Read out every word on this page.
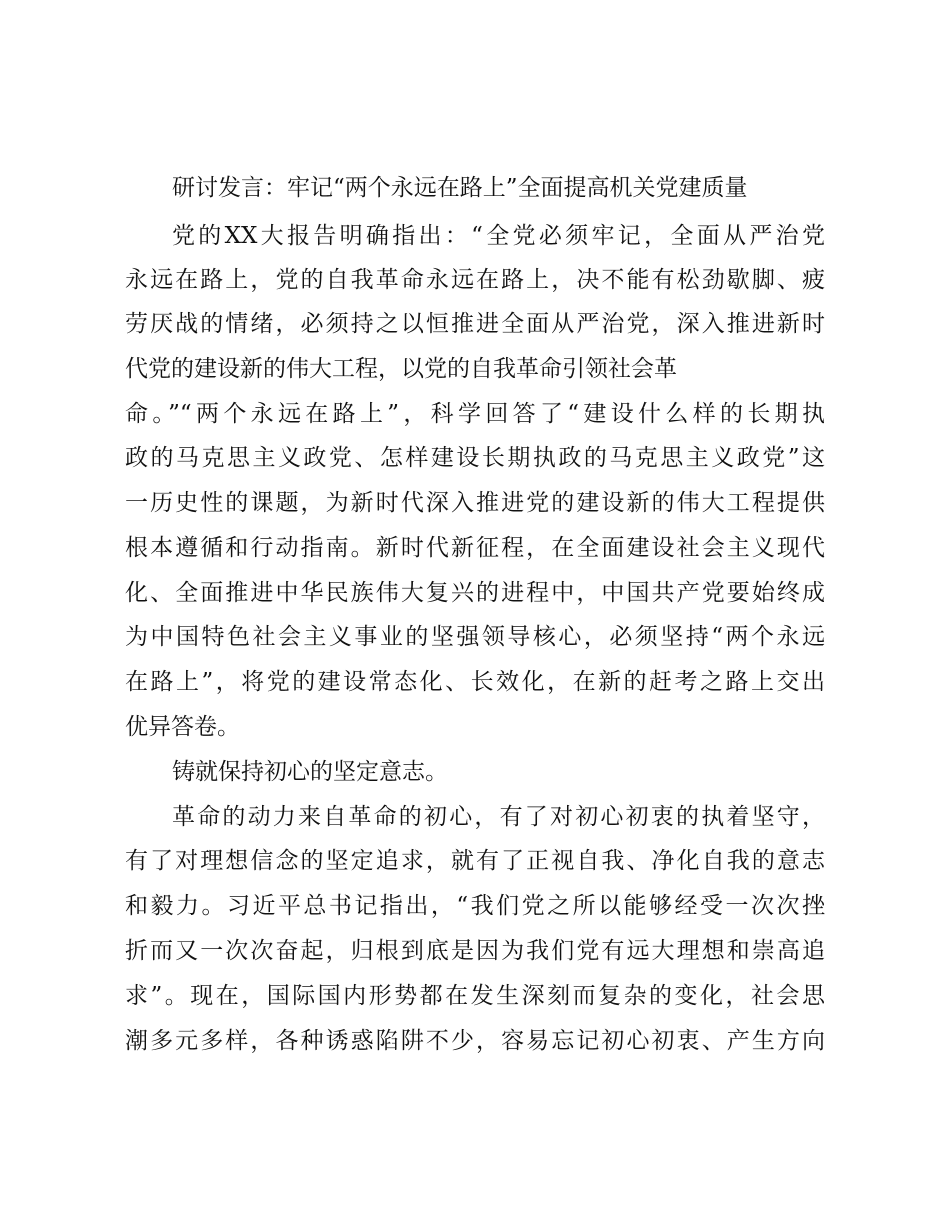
研讨发言：牢记“两个永远在路上”全面提高机关党建质量
党的XX大报告明确指出：“全党必须牢记，全面从严治党
永远在路上，党的自我革命永远在路上，决不能有松劲歇脚、疲
劳厌战的情绪，必须持之以恒推进全面从严治党，深入推进新时
代党的建设新的伟大工程，以党的自我革命引领社会革
命。”“两个永远在路上”，科学回答了“建设什么样的长期执
政的马克思主义政党、怎样建设长期执政的马克思主义政党”这
一历史性的课题，为新时代深入推进党的建设新的伟大工程提供
根本遵循和行动指南。新时代新征程，在全面建设社会主义现代
化、全面推进中华民族伟大复兴的进程中，中国共产党要始终成
为中国特色社会主义事业的坚强领导核心，必须坚持“两个永远
在路上”，将党的建设常态化、长效化，在新的赶考之路上交出
优异答卷。
铸就保持初心的坚定意志。
革命的动力来自革命的初心，有了对初心初衷的执着坚守，
有了对理想信念的坚定追求，就有了正视自我、净化自我的意志
和毅力。习近平总书记指出，“我们党之所以能够经受一次次挫
折而又一次次奋起，归根到底是因为我们党有远大理想和崇高追
求”。现在，国际国内形势都在发生深刻而复杂的变化，社会思
潮多元多样，各种诱惑陷阱不少，容易忘记初心初衷、产生方向
